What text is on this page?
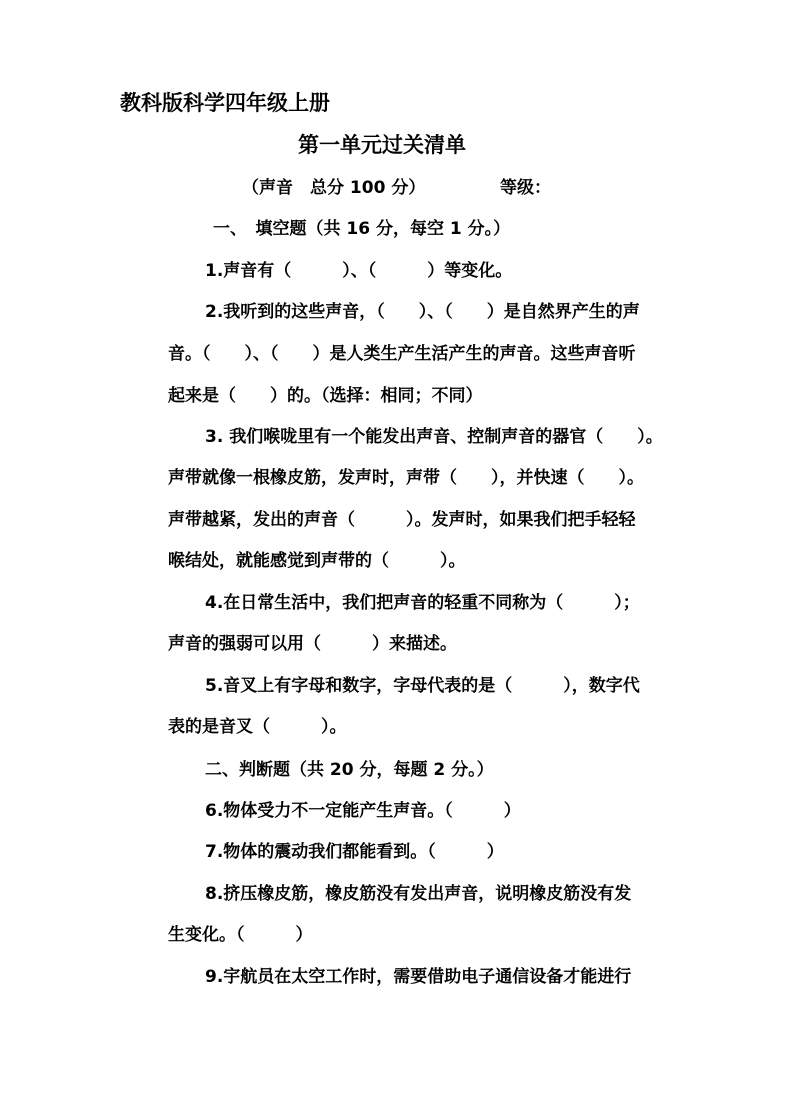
教科版科学四年级上册
第一单元过关清单
（声音　总分 100 分）	等级：
一、　填空题（共 16 分，每空 1 分。）
1.声音有（　　　）、（　　　）等变化。
2.我听到的这些声音，（　　）、（　　）是自然界产生的声
音。（　　）、（　　）是人类生产生活产生的声音。这些声音听
起来是（　　）的。（选择：相同；不同）
3. 我们喉咙里有一个能发出声音、控制声音的器官（　　）。
声带就像一根橡皮筋，发声时，声带（　　），并快速（　　）。
声带越紧，发出的声音（　　　）。发声时，如果我们把手轻轻
喉结处，就能感觉到声带的（　　　）。
4.在日常生活中，我们把声音的轻重不同称为（　　　）；
声音的强弱可以用（　　　）来描述。
5.音叉上有字母和数字，字母代表的是（　　　），数字代
表的是音叉（　　　）。
二、判断题（共 20 分，每题 2 分。）
6.物体受力不一定能产生声音。（　　　）
7.物体的震动我们都能看到。（　　　）
8.挤压橡皮筋，橡皮筋没有发出声音，说明橡皮筋没有发
生变化。（　　　）
9.宇航员在太空工作时，需要借助电子通信设备才能进行
